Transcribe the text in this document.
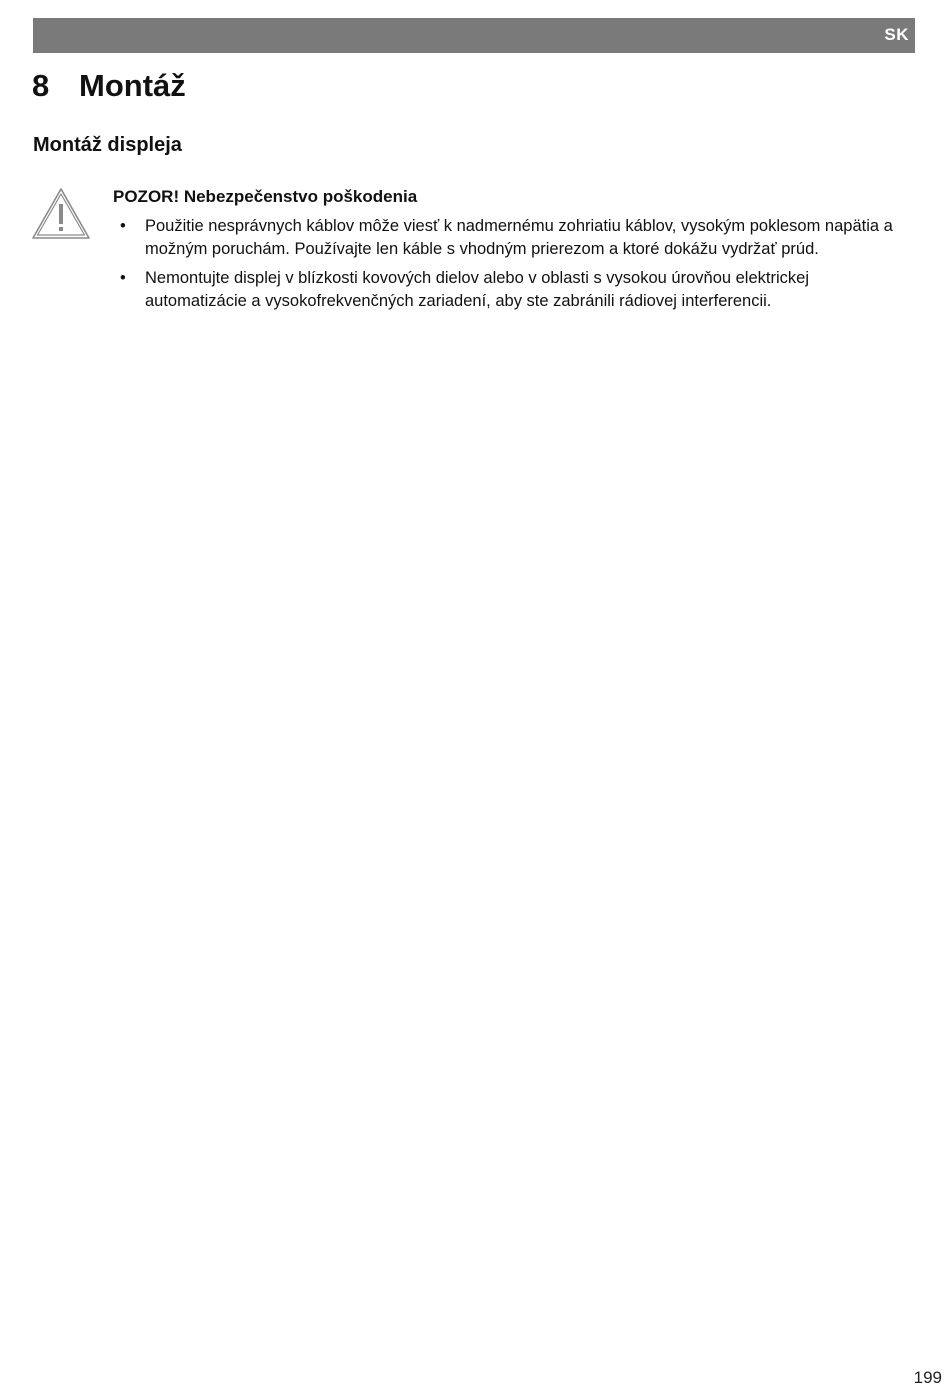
SK
8 Montáž
Montáž displeja

POZOR! Nebezpečenstvo poškodenia

• Použitie nesprávnych káblov môže viesť k nadmernému zohriatiu káblov, vysokým poklesom napätia a možným poruchám. Používajte len káble s vhodným prierezom a ktoré dokážu vydržať prúd.
• Nemontujte displej v blízkosti kovových dielov alebo v oblasti s vysokou úrovňou elektrickej automatizácie a vysokofrekvenčných zariadení, aby ste zabránili rádiovej interferencii.
199
